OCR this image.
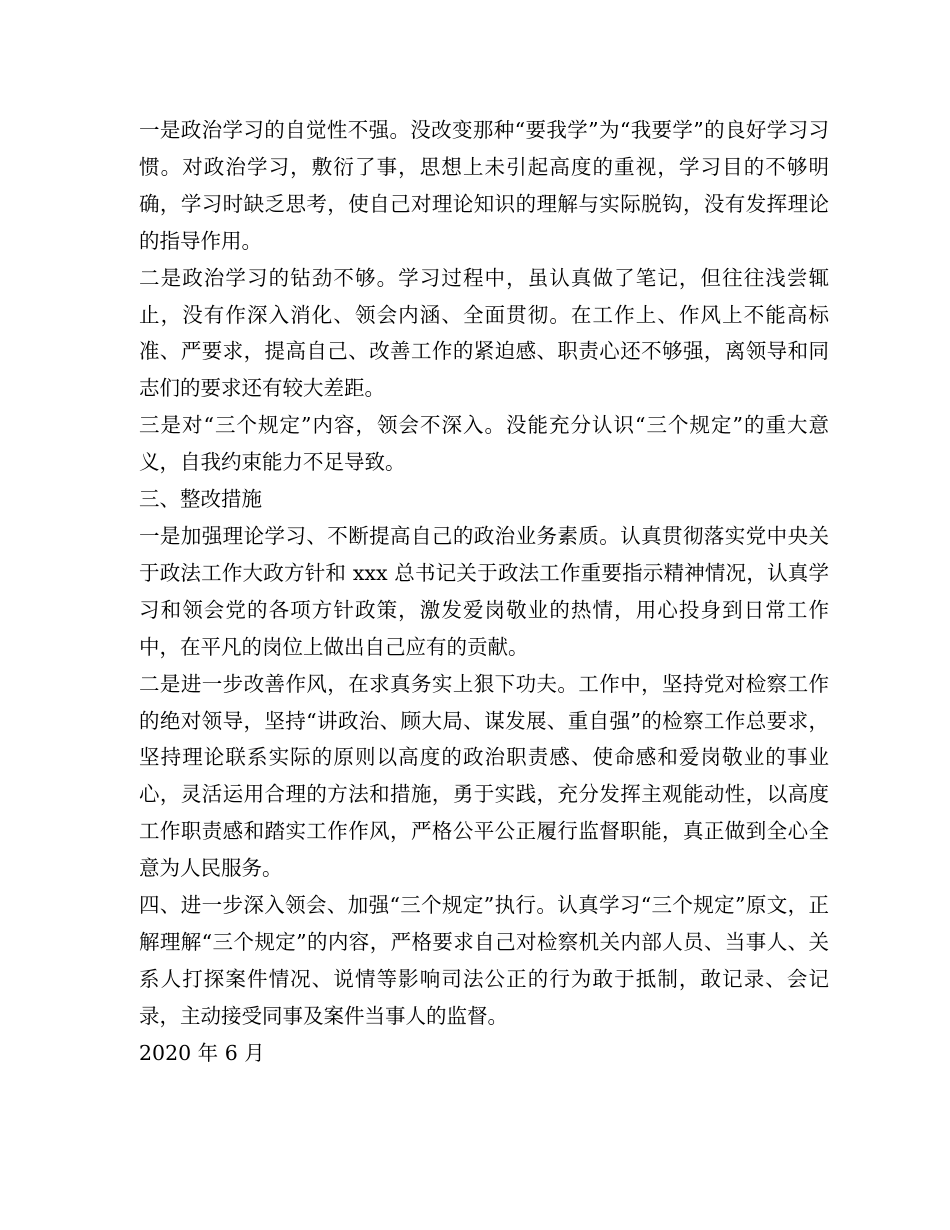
一是政治学习的自觉性不强。没改变那种“要我学”为“我要学”的良好学习习惯。对政治学习，敷衍了事，思想上未引起高度的重视，学习目的不够明确，学习时缺乏思考，使自己对理论知识的理解与实际脱钩，没有发挥理论的指导作用。

二是政治学习的钻劲不够。学习过程中，虽认真做了笔记，但往往浅尝辄止，没有作深入消化、领会内涵、全面贯彻。在工作上、作风上不能高标准、严要求，提高自己、改善工作的紧迫感、职责心还不够强，离领导和同志们的要求还有较大差距。

三是对“三个规定”内容，领会不深入。没能充分认识“三个规定”的重大意义，自我约束能力不足导致。

三、整改措施

一是加强理论学习、不断提高自己的政治业务素质。认真贯彻落实党中央关于政法工作大政方针和 xxx 总书记关于政法工作重要指示精神情况，认真学习和领会党的各项方针政策，激发爱岗敬业的热情，用心投身到日常工作中，在平凡的岗位上做出自己应有的贡献。

二是进一步改善作风，在求真务实上狠下功夫。工作中，坚持党对检察工作的绝对领导，坚持“讲政治、顾大局、谋发展、重自强”的检察工作总要求，坚持理论联系实际的原则以高度的政治职责感、使命感和爱岗敬业的事业心，灵活运用合理的方法和措施，勇于实践，充分发挥主观能动性，以高度工作职责感和踏实工作作风，严格公平公正履行监督职能，真正做到全心全意为人民服务。

四、进一步深入领会、加强“三个规定”执行。认真学习“三个规定”原文，正解理解“三个规定”的内容，严格要求自己对检察机关内部人员、当事人、关系人打探案件情况、说情等影响司法公正的行为敢于抵制，敢记录、会记录，主动接受同事及案件当事人的监督。

2020 年 6 月
